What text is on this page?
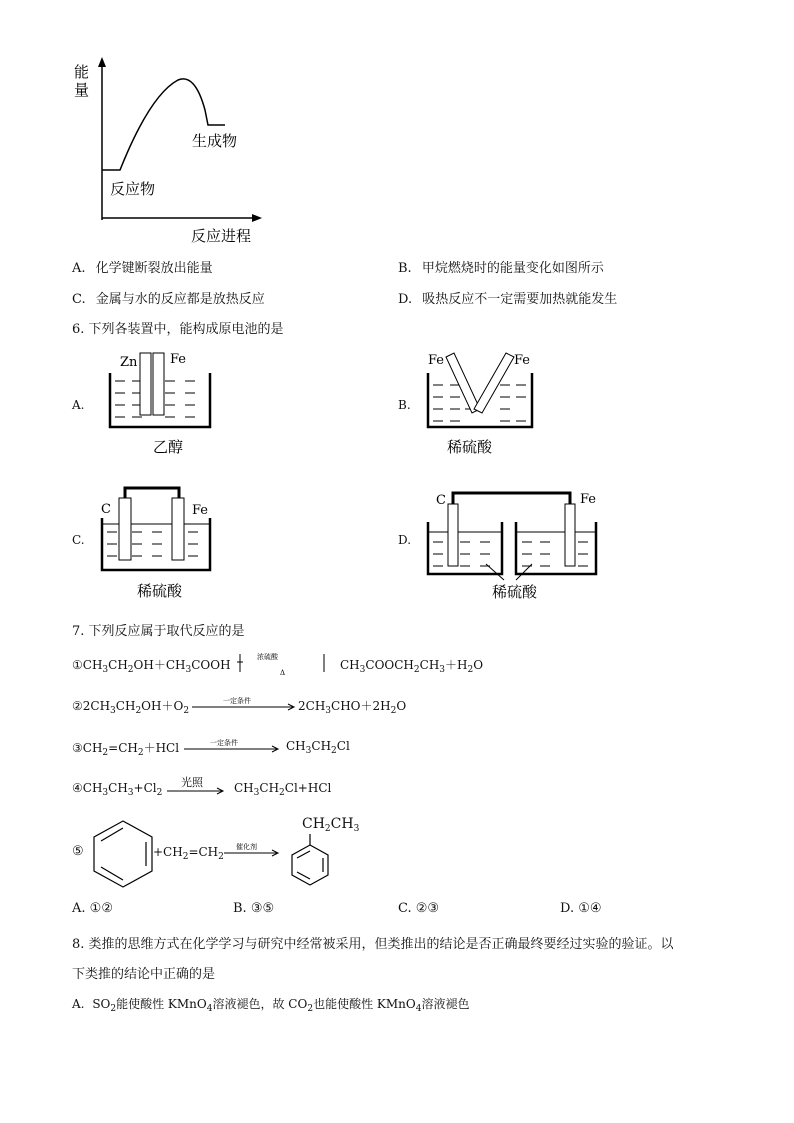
能
量
生成物
反应物
反应进程
A. 化学键断裂放出能量	B. 甲烷燃烧时的能量变化如图所示
C. 金属与水的反应都是放热反应	D. 吸热反应不一定需要加热就能发生
6. 下列各装置中，能构成原电池的是
A.
Zn	Fe
乙醇
B.
Fe	Fe
稀硫酸
C.
C	Fe
稀硫酸
D.
C	Fe
稀硫酸
7. 下列反应属于取代反应的是
$①CH_3CH_2OH+CH_3COOH$
浓硫酸
Δ
$CH_3COOCH_2CH_3+H_2O$
$②2CH_3CH_2OH+O_2$
一定条件	$2CH_3CHO+2H_2O$
$③CH_2=CH_2+HCl$	一定条件	$CH_3CH_2Cl$
$④CH_3CH_3+Cl_2$
光照	$CH_3CH_2Cl+HCl$
⑤	$+CH_2=CH_2$
催化剂
$CH_2CH_3$
A. ①②	B. ③⑤	C. ②③	D. ①④
8. 类推的思维方式在化学学习与研究中经常被采用，但类推出的结论是否正确最终要经过实验的验证。以
下类推的结论中正确的是
A. $SO_2$能使酸性 KMnO$_4$溶液褪色，故 $CO_2$也能使酸性 KMnO$_4$溶液褪色
